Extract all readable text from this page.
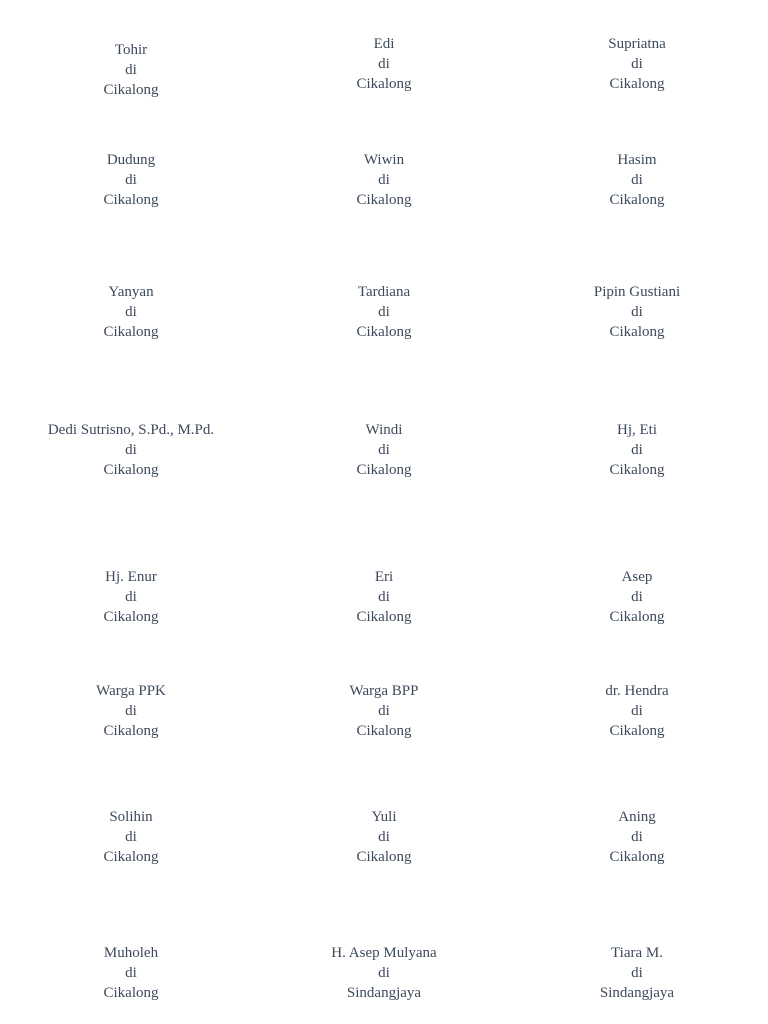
Tohir
di
Cikalong
Edi
di
Cikalong
Supriatna
di
Cikalong
Dudung
di
Cikalong
Wiwin
di
Cikalong
Hasim
di
Cikalong
Yanyan
di
Cikalong
Tardiana
di
Cikalong
Pipin Gustiani
di
Cikalong
Dedi Sutrisno, S.Pd., M.Pd.
di
Cikalong
Windi
di
Cikalong
Hj, Eti
di
Cikalong
Hj. Enur
di
Cikalong
Eri
di
Cikalong
Asep
di
Cikalong
Warga PPK
di
Cikalong
Warga BPP
di
Cikalong
dr. Hendra
di
Cikalong
Solihin
di
Cikalong
Yuli
di
Cikalong
Aning
di
Cikalong
Muholeh
di
Cikalong
H. Asep Mulyana
di
Sindangjaya
Tiara M.
di
Sindangjaya
